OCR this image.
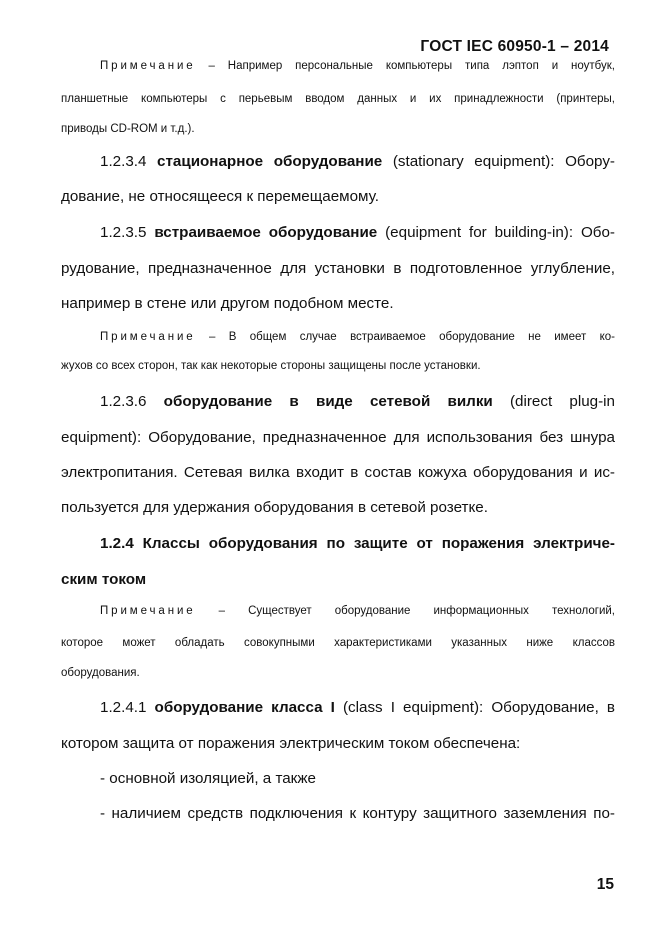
ГОСТ IEC 60950-1 – 2014
Примечание – Например персональные компьютеры типа лэптоп и ноутбук,
планшетные компьютеры с перьевым вводом данных и их принадлежности (принтеры,
приводы CD-ROM и т.д.).
1.2.3.4 стационарное оборудование (stationary equipment): Обору-
дование, не относящееся к перемещаемому.
1.2.3.5 встраиваемое оборудование (equipment for building-in): Обо-
рудование, предназначенное для установки в подготовленное углубление,
например в стене или другом подобном месте.
Примечание – В общем случае встраиваемое оборудование не имеет ко-
жухов со всех сторон, так как некоторые стороны защищены после установки.
1.2.3.6 оборудование в виде сетевой вилки (direct plug-in
equipment): Оборудование, предназначенное для использования без шнура
электропитания. Сетевая вилка входит в состав кожуха оборудования и ис-
пользуется для удержания оборудования в сетевой розетке.
1.2.4 Классы оборудования по защите от поражения электриче-
ским током
Примечание – Существует оборудование информационных технологий,
которое может обладать совокупными характеристиками указанных ниже классов
оборудования.
1.2.4.1 оборудование класса I (class I equipment): Оборудование, в
котором защита от поражения электрическим током обеспечена:
- основной изоляцией, а также
- наличием средств подключения к контуру защитного заземления по-
15
